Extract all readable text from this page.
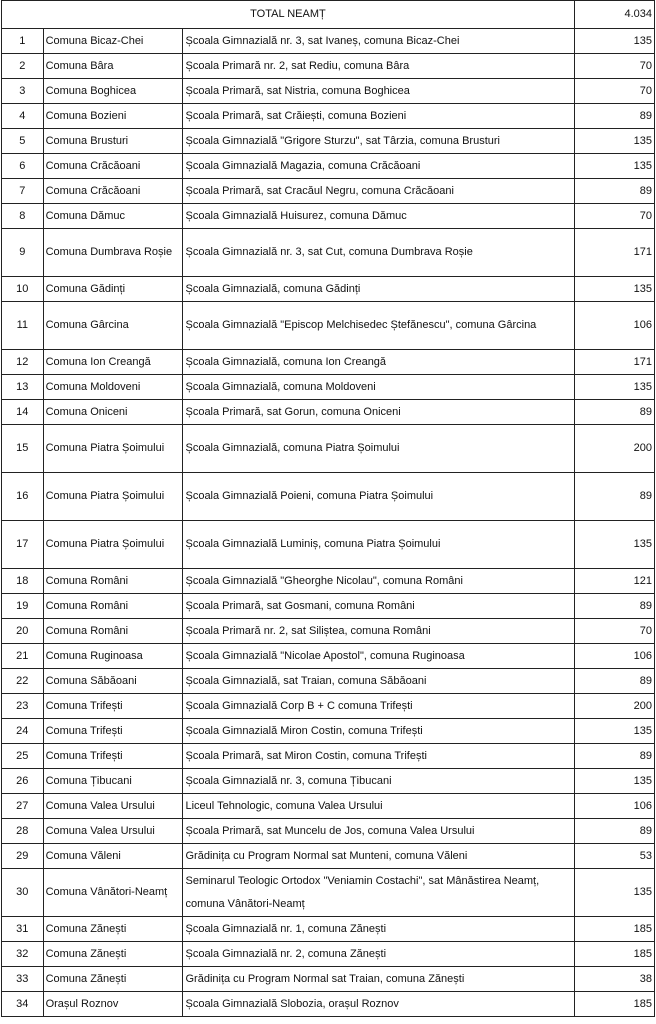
TOTAL NEAMȚ			4.034
1	Comuna Bicaz-Chei	Școala Gimnazială nr. 3, sat Ivaneș, comuna Bicaz-Chei	135
2	Comuna Bâra	Școala Primară nr. 2, sat Rediu, comuna Bâra	70
3	Comuna Boghicea	Școala Primară, sat Nistria, comuna Boghicea	70
4	Comuna Bozieni	Școala Primară, sat Crăiești, comuna Bozieni	89
5	Comuna Brusturi	Școala Gimnazială "Grigore Sturzu", sat Târzia, comuna Brusturi	135
6	Comuna Crăcăoani	Școala Gimnazială Magazia, comuna Crăcăoani	135
7	Comuna Crăcăoani	Școala Primară, sat Cracăul Negru, comuna Crăcăoani	89
8	Comuna Dămuc	Școala Gimnazială Huisurez, comuna Dămuc	70
9	Comuna Dumbrava Roșie	Școala Gimnazială nr. 3, sat Cut, comuna Dumbrava Roșie	171
10	Comuna Gădinți	Școala Gimnazială, comuna Gădinți	135
11	Comuna Gârcina	Școala Gimnazială "Episcop Melchisedec Ștefănescu", comuna Gârcina	106
12	Comuna Ion Creangă	Școala Gimnazială, comuna Ion Creangă	171
13	Comuna Moldoveni	Școala Gimnazială, comuna Moldoveni	135
14	Comuna Oniceni	Școala Primară, sat Gorun, comuna Oniceni	89
15	Comuna Piatra Șoimului	Școala Gimnazială, comuna Piatra Șoimului	200
16	Comuna Piatra Șoimului	Școala Gimnazială Poieni, comuna Piatra Șoimului	89
17	Comuna Piatra Șoimului	Școala Gimnazială Luminiș, comuna Piatra Șoimului	135
18	Comuna Români	Școala Gimnazială "Gheorghe Nicolau", comuna Români	121
19	Comuna Români	Școala Primară, sat Gosmani, comuna Români	89
20	Comuna Români	Școala Primară nr. 2, sat Siliștea, comuna Români	70
21	Comuna Ruginoasa	Școala Gimnazială "Nicolae Apostol", comuna Ruginoasa	106
22	Comuna Săbăoani	Școala Gimnazială, sat Traian, comuna Săbăoani	89
23	Comuna Trifești	Școala Gimnazială Corp B + C comuna Trifești	200
24	Comuna Trifești	Școala Gimnazială Miron Costin, comuna Trifești	135
25	Comuna Trifești	Școala Primară, sat Miron Costin, comuna Trifești	89
26	Comuna Țibucani	Școala Gimnazială nr. 3, comuna Țibucani	135
27	Comuna Valea Ursului	Liceul Tehnologic, comuna Valea Ursului	106
28	Comuna Valea Ursului	Școala Primară, sat Muncelu de Jos, comuna Valea Ursului	89
29	Comuna Văleni	Grădinița cu Program Normal sat Munteni, comuna Văleni	53
30	Comuna Vânători-Neamț	Seminarul Teologic Ortodox "Veniamin Costachi", sat Mânăstirea Neamț, comuna Vânători-Neamț	135
31	Comuna Zănești	Școala Gimnazială nr. 1, comuna Zănești	185
32	Comuna Zănești	Școala Gimnazială nr. 2, comuna Zănești	185
33	Comuna Zănești	Grădinița cu Program Normal sat Traian, comuna Zănești	38
34	Orașul Roznov	Școala Gimnazială Slobozia, orașul Roznov	185
